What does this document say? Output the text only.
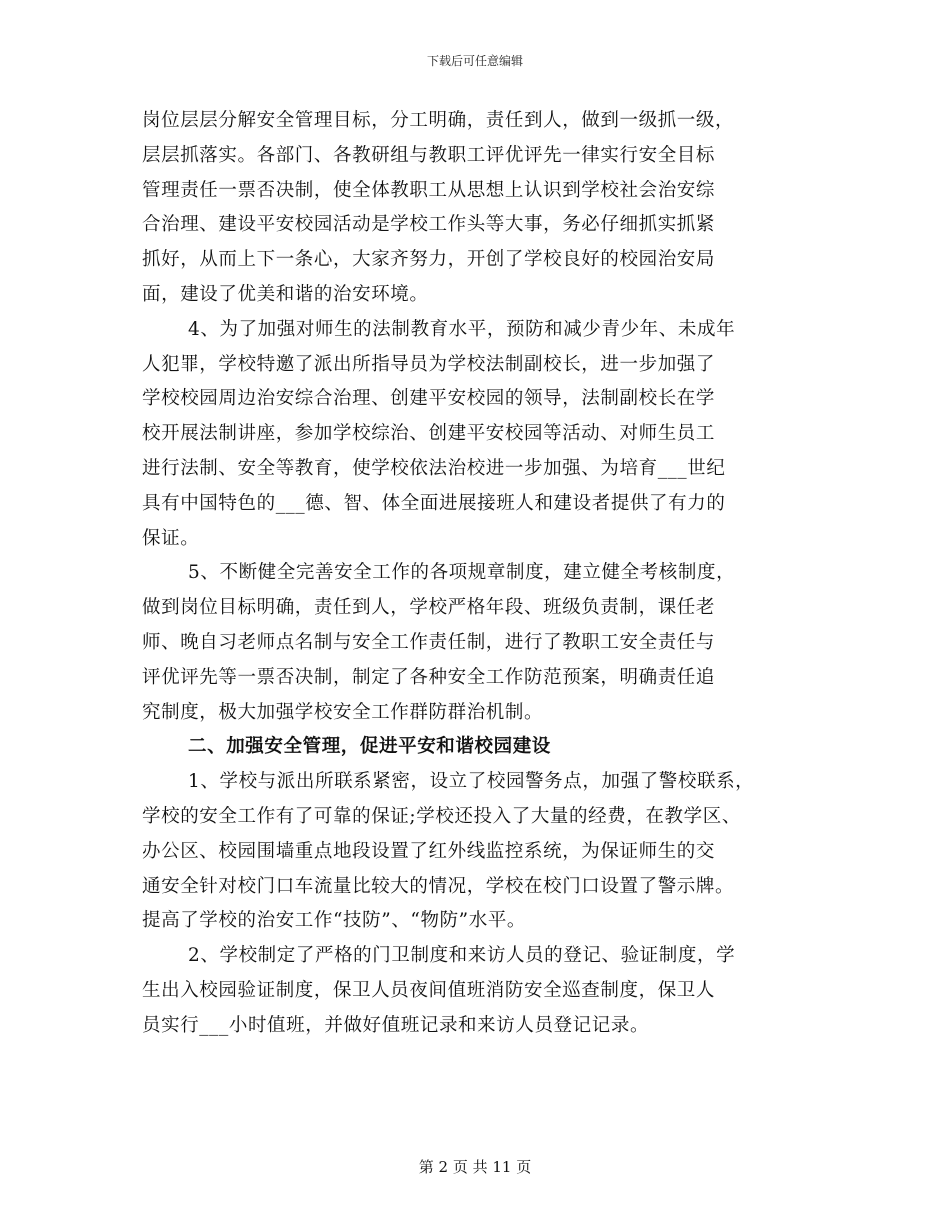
下载后可任意编辑
岗位层层分解安全管理目标，分工明确，责任到人，做到一级抓一级，
层层抓落实。各部门、各教研组与教职工评优评先一律实行安全目标
管理责任一票否决制，使全体教职工从思想上认识到学校社会治安综
合治理、建设平安校园活动是学校工作头等大事，务必仔细抓实抓紧
抓好，从而上下一条心，大家齐努力，开创了学校良好的校园治安局
面，建设了优美和谐的治安环境。
4、为了加强对师生的法制教育水平，预防和减少青少年、未成年
人犯罪，学校特邀了派出所指导员为学校法制副校长，进一步加强了
学校校园周边治安综合治理、创建平安校园的领导，法制副校长在学
校开展法制讲座，参加学校综治、创建平安校园等活动、对师生员工
进行法制、安全等教育，使学校依法治校进一步加强、为培育___世纪
具有中国特色的___德、智、体全面进展接班人和建设者提供了有力的
保证。
5、不断健全完善安全工作的各项规章制度，建立健全考核制度，
做到岗位目标明确，责任到人，学校严格年段、班级负责制，课任老
师、晚自习老师点名制与安全工作责任制，进行了教职工安全责任与
评优评先等一票否决制，制定了各种安全工作防范预案，明确责任追
究制度，极大加强学校安全工作群防群治机制。
二、加强安全管理，促进平安和谐校园建设
1、学校与派出所联系紧密，设立了校园警务点，加强了警校联系，
学校的安全工作有了可靠的保证;学校还投入了大量的经费，在教学区、
办公区、校园围墙重点地段设置了红外线监控系统，为保证师生的交
通安全针对校门口车流量比较大的情况，学校在校门口设置了警示牌。
提高了学校的治安工作“技防”、“物防”水平。
2、学校制定了严格的门卫制度和来访人员的登记、验证制度，学
生出入校园验证制度，保卫人员夜间值班消防安全巡查制度，保卫人
员实行___小时值班，并做好值班记录和来访人员登记记录。
第 2 页 共 11 页
